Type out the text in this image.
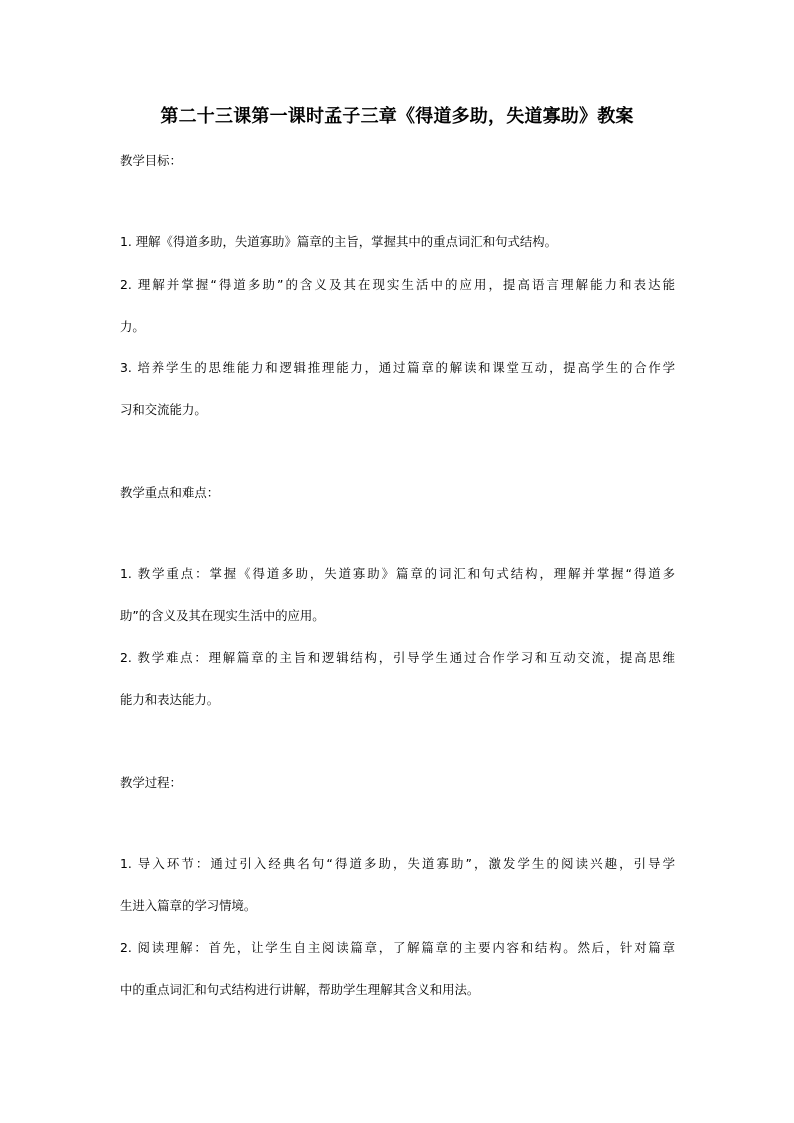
第二十三课第一课时孟子三章《得道多助，失道寡助》教案
教学目标：
1. 理解《得道多助，失道寡助》篇章的主旨，掌握其中的重点词汇和句式结构。
2. 理解并掌握“得道多助”的含义及其在现实生活中的应用，提高语言理解能力和表达能
力。
3. 培养学生的思维能力和逻辑推理能力，通过篇章的解读和课堂互动，提高学生的合作学
习和交流能力。
教学重点和难点：
1. 教学重点：掌握《得道多助，失道寡助》篇章的词汇和句式结构，理解并掌握“得道多
助”的含义及其在现实生活中的应用。
2. 教学难点：理解篇章的主旨和逻辑结构，引导学生通过合作学习和互动交流，提高思维
能力和表达能力。
教学过程：
1. 导入环节：通过引入经典名句“得道多助，失道寡助”，激发学生的阅读兴趣，引导学
生进入篇章的学习情境。
2. 阅读理解：首先，让学生自主阅读篇章，了解篇章的主要内容和结构。然后，针对篇章
中的重点词汇和句式结构进行讲解，帮助学生理解其含义和用法。
